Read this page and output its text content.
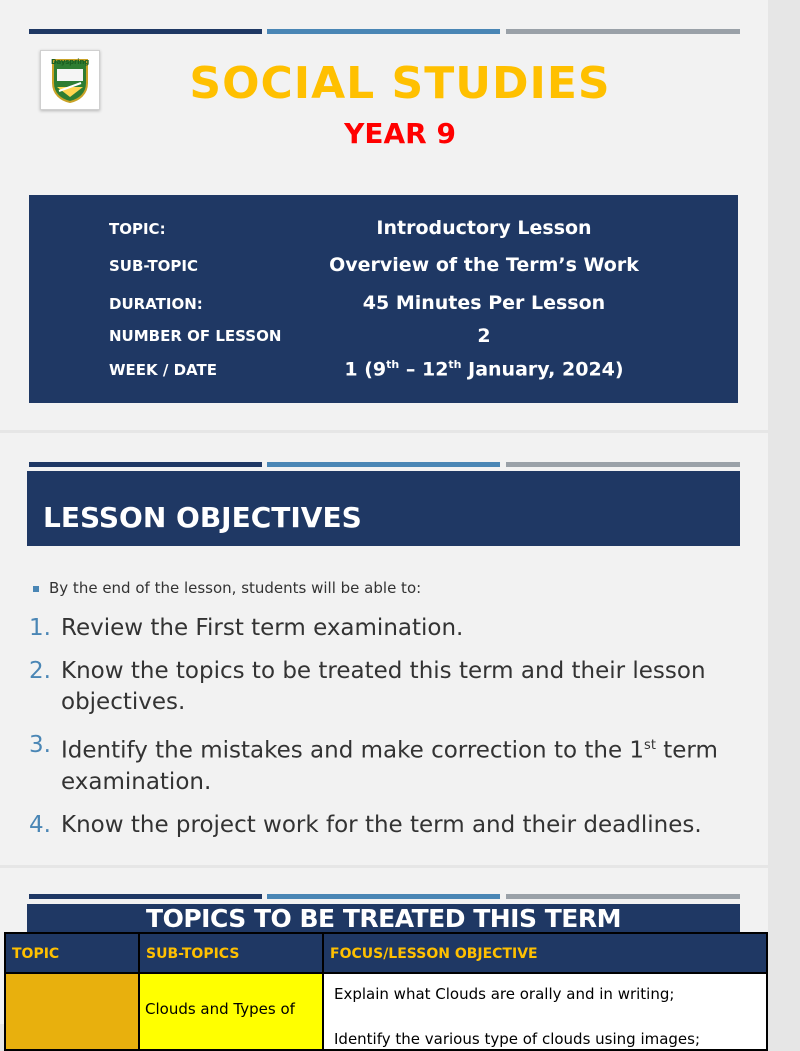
Dayspring	SOCIAL STUDIES
YEAR 9
TOPIC:	Introductory Lesson
SUB-TOPIC	Overview of the Term’s Work
DURATION:	45 Minutes Per Lesson
NUMBER OF LESSON	2
WEEK / DATE	1 (9th – 12th January, 2024)
LESSON OBJECTIVES
By the end of the lesson, students will be able to:
1. Review the First term examination.
2. Know the topics to be treated this term and their lesson objectives.
3. Identify the mistakes and make correction to the 1st term examination.
4. Know the project work for the term and their deadlines.
TOPICS TO BE TREATED THIS TERM
TOPIC	SUB-TOPICS	FOCUS/LESSON OBJECTIVE

	Clouds and Types of	Explain what Clouds are orally and in writing;

Identify the various type of clouds using images;
